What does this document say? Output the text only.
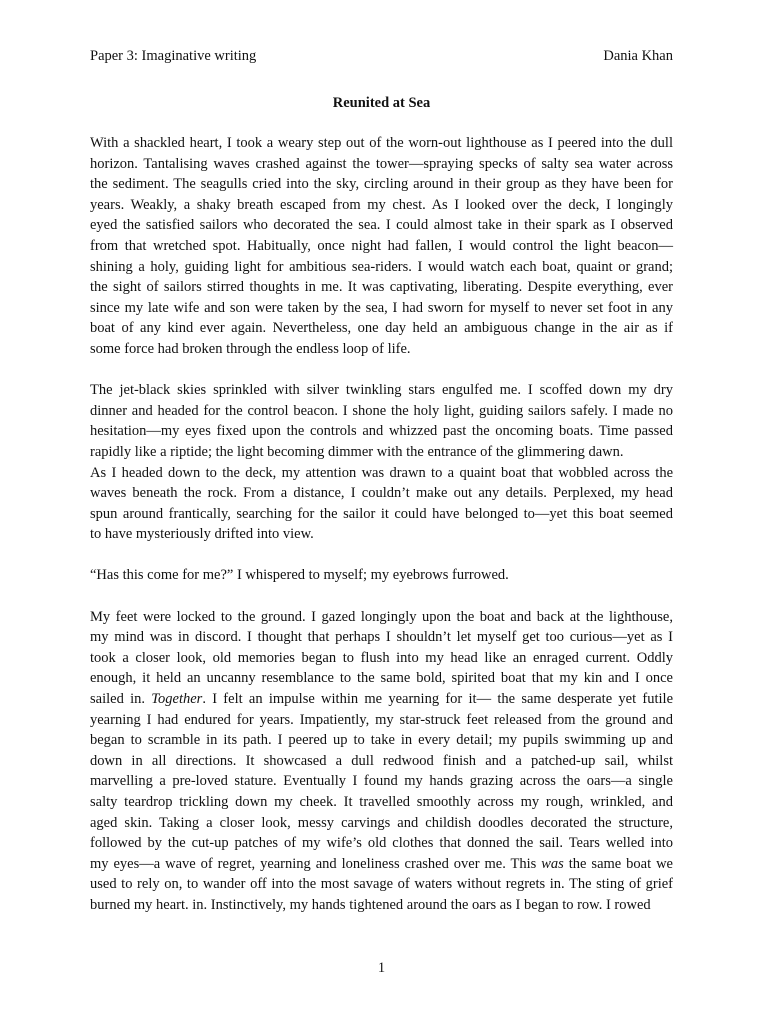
Paper 3: Imaginative writing	Dania Khan
Reunited at Sea
With a shackled heart, I took a weary step out of the worn-out lighthouse as I peered into the dull
horizon. Tantalising waves crashed against the tower—spraying specks of salty sea water across
the sediment. The seagulls cried into the sky, circling around in their group as they have been for
years. Weakly, a shaky breath escaped from my chest. As I looked over the deck, I longingly
eyed the satisfied sailors who decorated the sea. I could almost take in their spark as I observed
from that wretched spot. Habitually, once night had fallen, I would control the light beacon—
shining a holy, guiding light for ambitious sea-riders. I would watch each boat, quaint or grand;
the sight of sailors stirred thoughts in me. It was captivating, liberating. Despite everything, ever
since my late wife and son were taken by the sea, I had sworn for myself to never set foot in any
boat of any kind ever again. Nevertheless, one day held an ambiguous change in the air as if
some force had broken through the endless loop of life.
The jet-black skies sprinkled with silver twinkling stars engulfed me. I scoffed down my dry
dinner and headed for the control beacon. I shone the holy light, guiding sailors safely. I made no
hesitation—my eyes fixed upon the controls and whizzed past the oncoming boats. Time passed
rapidly like a riptide; the light becoming dimmer with the entrance of the glimmering dawn.
As I headed down to the deck, my attention was drawn to a quaint boat that wobbled across the
waves beneath the rock. From a distance, I couldn’t make out any details. Perplexed, my head
spun around frantically, searching for the sailor it could have belonged to—yet this boat seemed
to have mysteriously drifted into view.
“Has this come for me?” I whispered to myself; my eyebrows furrowed.
My feet were locked to the ground. I gazed longingly upon the boat and back at the lighthouse,
my mind was in discord. I thought that perhaps I shouldn’t let myself get too curious—yet as I
took a closer look, old memories began to flush into my head like an enraged current. Oddly
enough, it held an uncanny resemblance to the same bold, spirited boat that my kin and I once
sailed in. Together. I felt an impulse within me yearning for it— the same desperate yet futile
yearning I had endured for years. Impatiently, my star-struck feet released from the ground and
began to scramble in its path. I peered up to take in every detail; my pupils swimming up and
down in all directions. It showcased a dull redwood finish and a patched-up sail, whilst
marvelling a pre-loved stature. Eventually I found my hands grazing across the oars—a single
salty teardrop trickling down my cheek. It travelled smoothly across my rough, wrinkled, and
aged skin. Taking a closer look, messy carvings and childish doodles decorated the structure,
followed by the cut-up patches of my wife’s old clothes that donned the sail. Tears welled into
my eyes—a wave of regret, yearning and loneliness crashed over me. This was the same boat we
used to rely on, to wander off into the most savage of waters without regrets in. The sting of grief
burned my heart. in. Instinctively, my hands tightened around the oars as I began to row. I rowed
1
